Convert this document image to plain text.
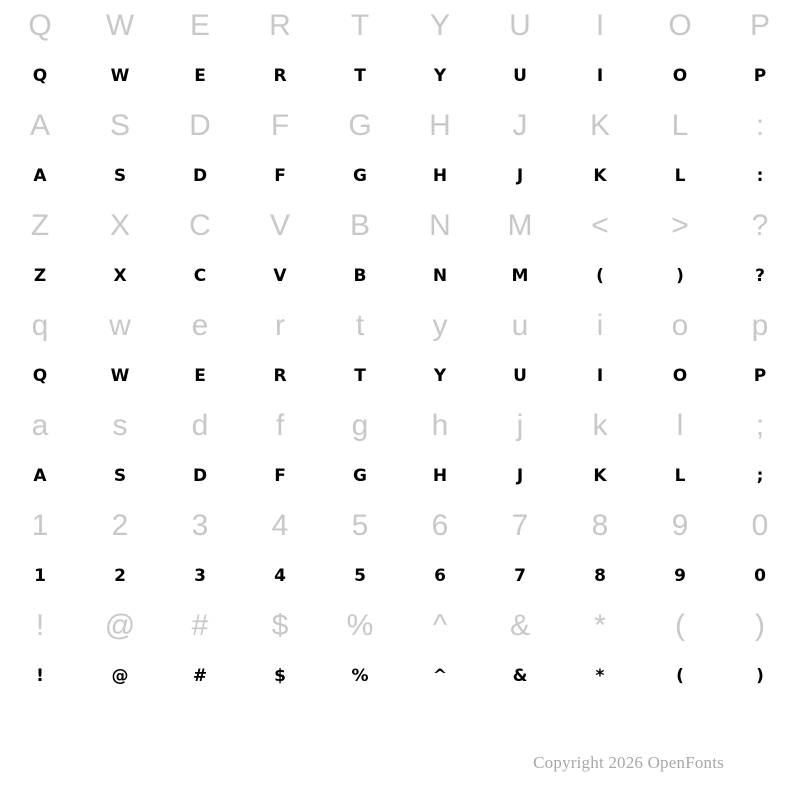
Q	W	E	R	T	Y	U	I	O	P
Q	W	E	R	T	Y	U	I	O	P
A	S	D	F	G	H	J	K	L	:
A	S	D	F	G	H	J	K	L	:
Z	X	C	V	B	N	M	<	>	?
Z	X	C	V	B	N	M	(	)	?
q	w	e	r	t	y	u	i	o	p
Q	W	E	R	T	Y	U	I	O	P
a	s	d	f	g	h	j	k	l	;
A	S	D	F	G	H	J	K	L	;
1	2	3	4	5	6	7	8	9	0
1	2	3	4	5	6	7	8	9	0
!	@	#	$	%	^	&	*	(	)
!	@	#	$	%	^	&	*	(	)
Copyright 2026 OpenFonts
